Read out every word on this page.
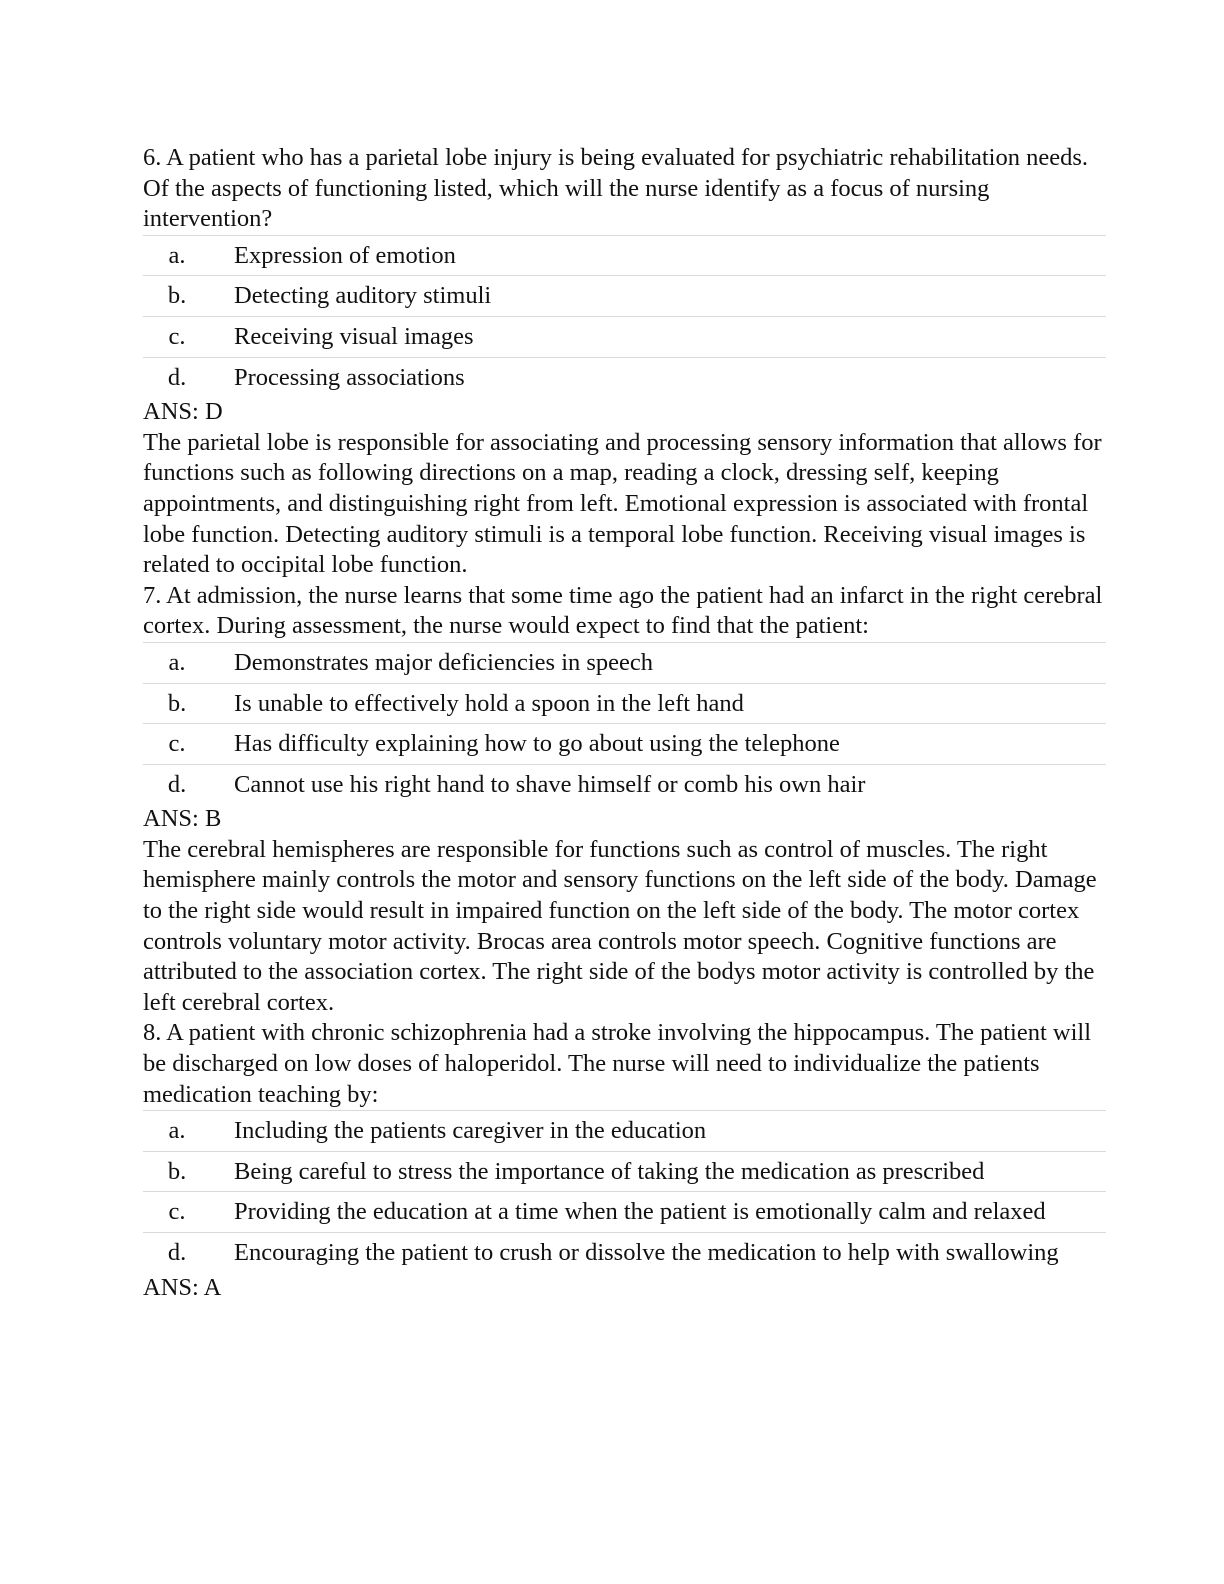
6. A patient who has a parietal lobe injury is being evaluated for psychiatric rehabilitation needs. Of the aspects of functioning listed, which will the nurse identify as a focus of nursing intervention?

a.	Expression of emotion
b.	Detecting auditory stimuli
c.	Receiving visual images
d.	Processing associations

ANS: D

The parietal lobe is responsible for associating and processing sensory information that allows for functions such as following directions on a map, reading a clock, dressing self, keeping appointments, and distinguishing right from left. Emotional expression is associated with frontal lobe function. Detecting auditory stimuli is a temporal lobe function. Receiving visual images is related to occipital lobe function.

7. At admission, the nurse learns that some time ago the patient had an infarct in the right cerebral cortex. During assessment, the nurse would expect to find that the patient:

a.	Demonstrates major deficiencies in speech
b.	Is unable to effectively hold a spoon in the left hand
c.	Has difficulty explaining how to go about using the telephone
d.	Cannot use his right hand to shave himself or comb his own hair

ANS: B

The cerebral hemispheres are responsible for functions such as control of muscles. The right hemisphere mainly controls the motor and sensory functions on the left side of the body. Damage to the right side would result in impaired function on the left side of the body. The motor cortex controls voluntary motor activity. Brocas area controls motor speech. Cognitive functions are attributed to the association cortex. The right side of the bodys motor activity is controlled by the left cerebral cortex.

8. A patient with chronic schizophrenia had a stroke involving the hippocampus. The patient will be discharged on low doses of haloperidol. The nurse will need to individualize the patients medication teaching by:

a.	Including the patients caregiver in the education
b.	Being careful to stress the importance of taking the medication as prescribed
c.	Providing the education at a time when the patient is emotionally calm and relaxed
d.	Encouraging the patient to crush or dissolve the medication to help with swallowing

ANS: A
